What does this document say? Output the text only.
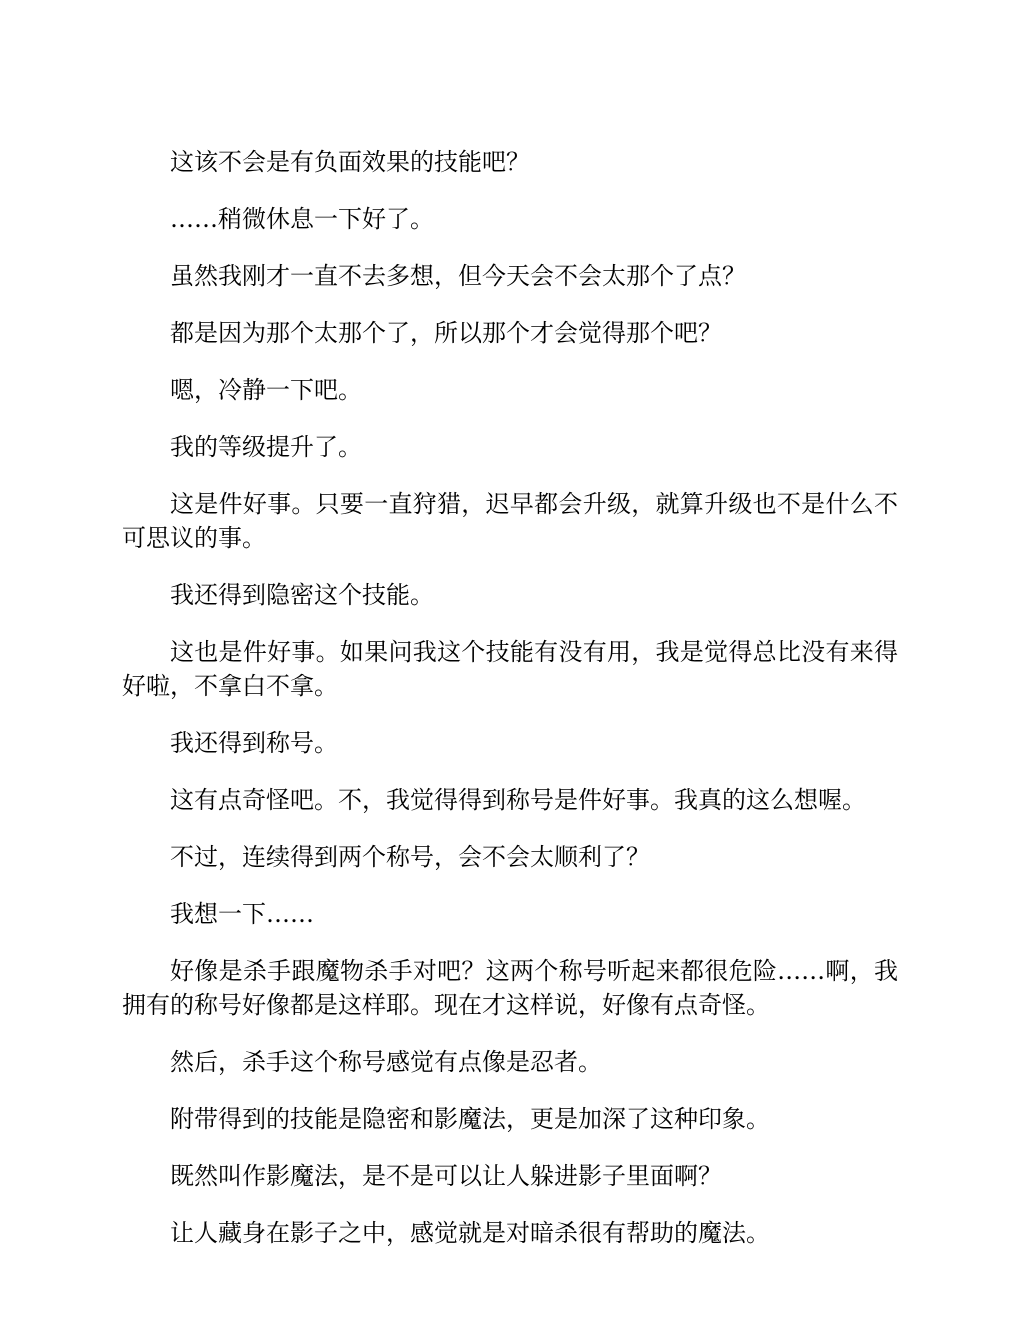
这该不会是有负面效果的技能吧？

……稍微休息一下好了。

虽然我刚才一直不去多想，但今天会不会太那个了点？

都是因为那个太那个了，所以那个才会觉得那个吧？

嗯，冷静一下吧。

我的等级提升了。

这是件好事。只要一直狩猎，迟早都会升级，就算升级也不是什么不可思议的事。

我还得到隐密这个技能。

这也是件好事。如果问我这个技能有没有用，我是觉得总比没有来得好啦，不拿白不拿。

我还得到称号。

这有点奇怪吧。不，我觉得得到称号是件好事。我真的这么想喔。

不过，连续得到两个称号，会不会太顺利了？

我想一下……

好像是杀手跟魔物杀手对吧？这两个称号听起来都很危险……啊，我拥有的称号好像都是这样耶。现在才这样说，好像有点奇怪。

然后，杀手这个称号感觉有点像是忍者。

附带得到的技能是隐密和影魔法，更是加深了这种印象。

既然叫作影魔法，是不是可以让人躲进影子里面啊？

让人藏身在影子之中，感觉就是对暗杀很有帮助的魔法。
